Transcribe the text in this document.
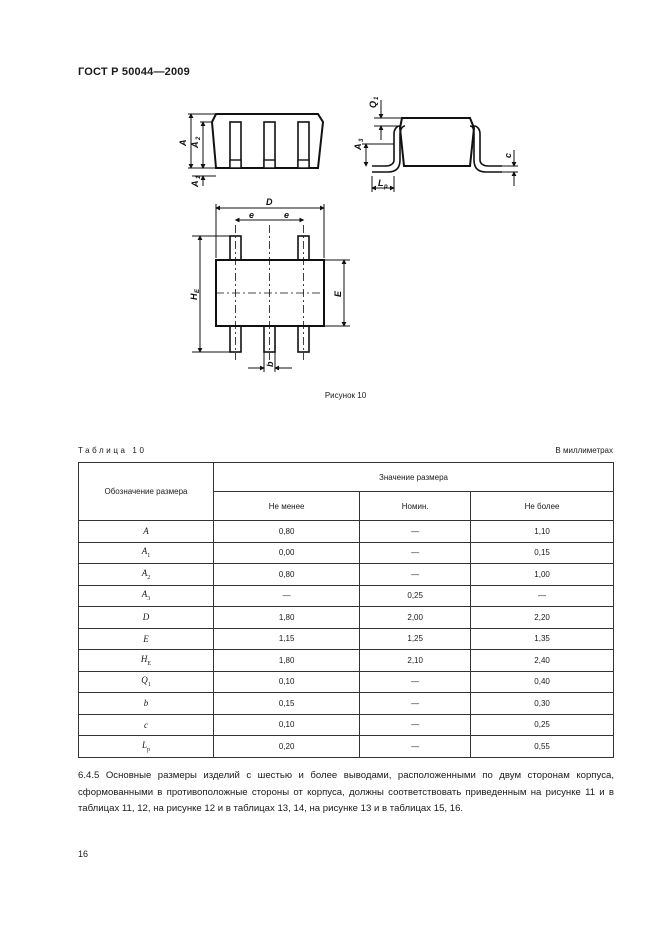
ГОСТ Р 50044—2009
A A
2
A
1
Q
1
A
3
L p
c
D
e	e
H
E	E
b
Рисунок 10
Таблица 10	В миллиметрах
Обозначение размера	Значение размера		
	Не менее	Номин.	Не более
A	0,80	—	1,10
$A_1$	0,00	—	0,15
$A_2$	0,80	—	1,00
$A_3$	—	0,25	—
D	1,80	2,00	2,20
E	1,15	1,25	1,35
$H_E$	1,80	2,10	2,40
$Q_1$	0,10	—	0,40
b	0,15	—	0,30
c	0,10	—	0,25
$L_p$	0,20	—	0,55
6.4.5 Основные размеры изделий с шестью и более выводами, расположенными по двум сторонам корпуса, сформованными в противоположные стороны от корпуса, должны соответствовать приведенным на рисунке 11 и в таблицах 11, 12, на рисунке 12 и в таблицах 13, 14, на рисунке 13 и в таблицах 15, 16.
16
